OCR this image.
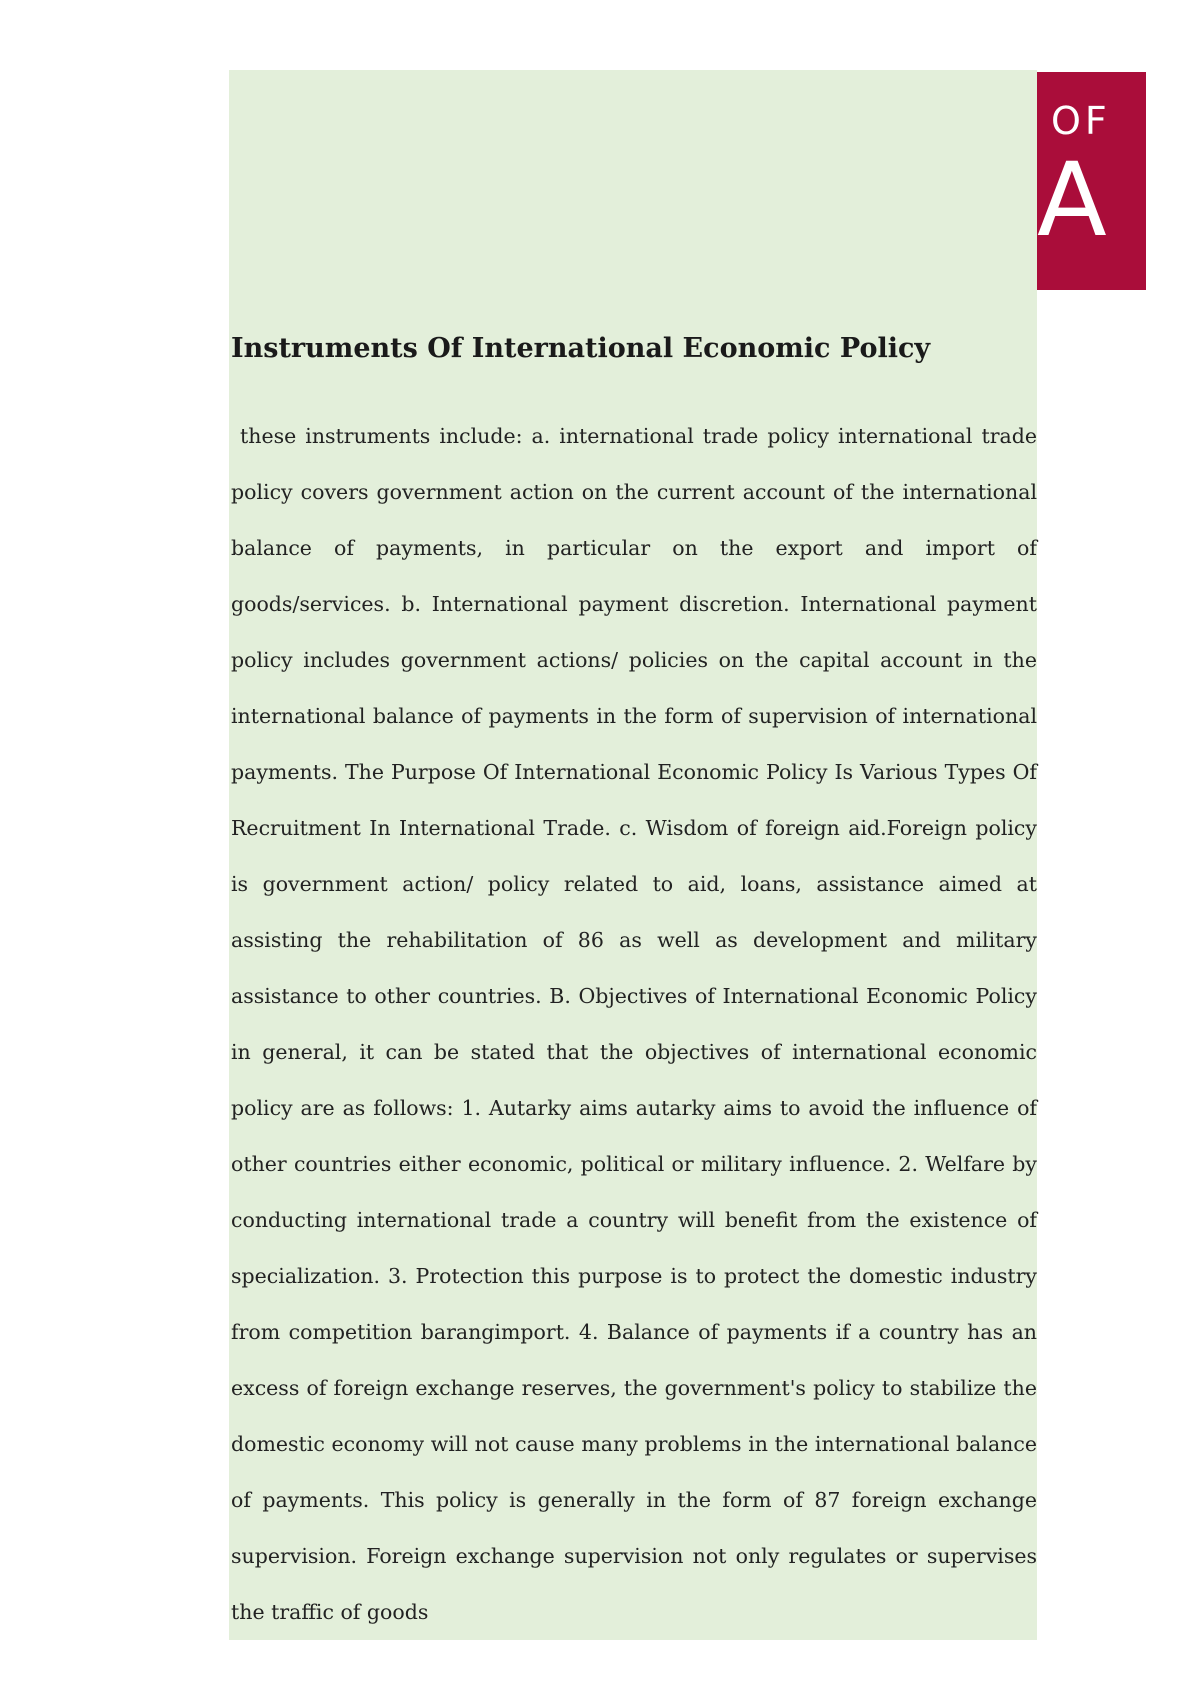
OF
A
Instruments Of International Economic Policy

these instruments include: a. international trade policy international trade policy covers government action on the current account of the international balance of payments, in particular on the export and import of goods/services. b. International payment discretion. International payment policy includes government actions/ policies on the capital account in the international balance of payments in the form of supervision of international payments. The Purpose Of International Economic Policy Is Various Types Of Recruitment In International Trade. c. Wisdom of foreign aid.Foreign policy is government action/ policy related to aid, loans, assistance aimed at assisting the rehabilitation of 86 as well as development and military assistance to other countries. B. Objectives of International Economic Policy in general, it can be stated that the objectives of international economic policy are as follows: 1. Autarky aims autarky aims to avoid the influence of other countries either economic, political or military influence. 2. Welfare by conducting international trade a country will benefit from the existence of specialization. 3. Protection this purpose is to protect the domestic industry from competition barangimport. 4. Balance of payments if a country has an excess of foreign exchange reserves, the government's policy to stabilize the domestic economy will not cause many problems in the international balance of payments. This policy is generally in the form of 87 foreign exchange supervision. Foreign exchange supervision not only regulates or supervises the traffic of goods
